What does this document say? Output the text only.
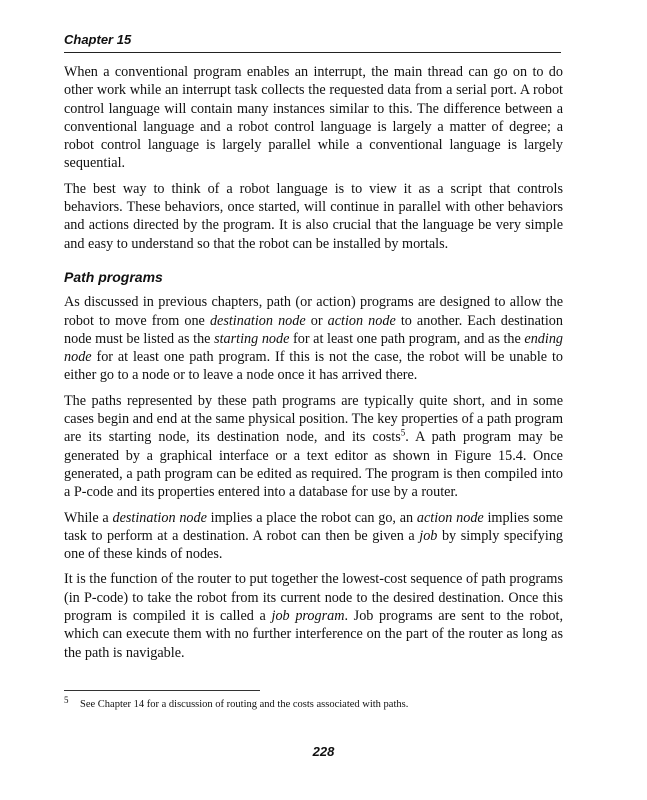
Chapter 15

When a conventional program enables an interrupt, the main thread can go on to do other work while an interrupt task collects the requested data from a serial port. A robot control language will contain many instances similar to this. The difference between a conventional language and a robot control language is largely a matter of degree; a robot control language is largely parallel while a conventional language is largely sequential.

The best way to think of a robot language is to view it as a script that controls behaviors. These behaviors, once started, will continue in parallel with other behaviors and actions directed by the program. It is also crucial that the language be very simple and easy to understand so that the robot can be installed by mortals.

Path programs

As discussed in previous chapters, path (or action) programs are designed to allow the robot to move from one destination node or action node to another. Each destination node must be listed as the starting node for at least one path program, and as the ending node for at least one path program. If this is not the case, the robot will be unable to either go to a node or to leave a node once it has arrived there.

The paths represented by these path programs are typically quite short, and in some cases begin and end at the same physical position. The key properties of a path program are its starting node, its destination node, and its costs$^5$. A path program may be generated by a graphical interface or a text editor as shown in Figure 15.4. Once generated, a path program can be edited as required. The program is then compiled into a P-code and its properties entered into a database for use by a router.

While a destination node implies a place the robot can go, an action node implies some task to perform at a destination. A robot can then be given a job by simply specifying one of these kinds of nodes.

It is the function of the router to put together the lowest-cost sequence of path programs (in P-code) to take the robot from its current node to the desired destination. Once this program is compiled it is called a job program. Job programs are sent to the robot, which can execute them with no further interference on the part of the router as long as the path is navigable.

$^5$ See Chapter 14 for a discussion of routing and the costs associated with paths.
228
